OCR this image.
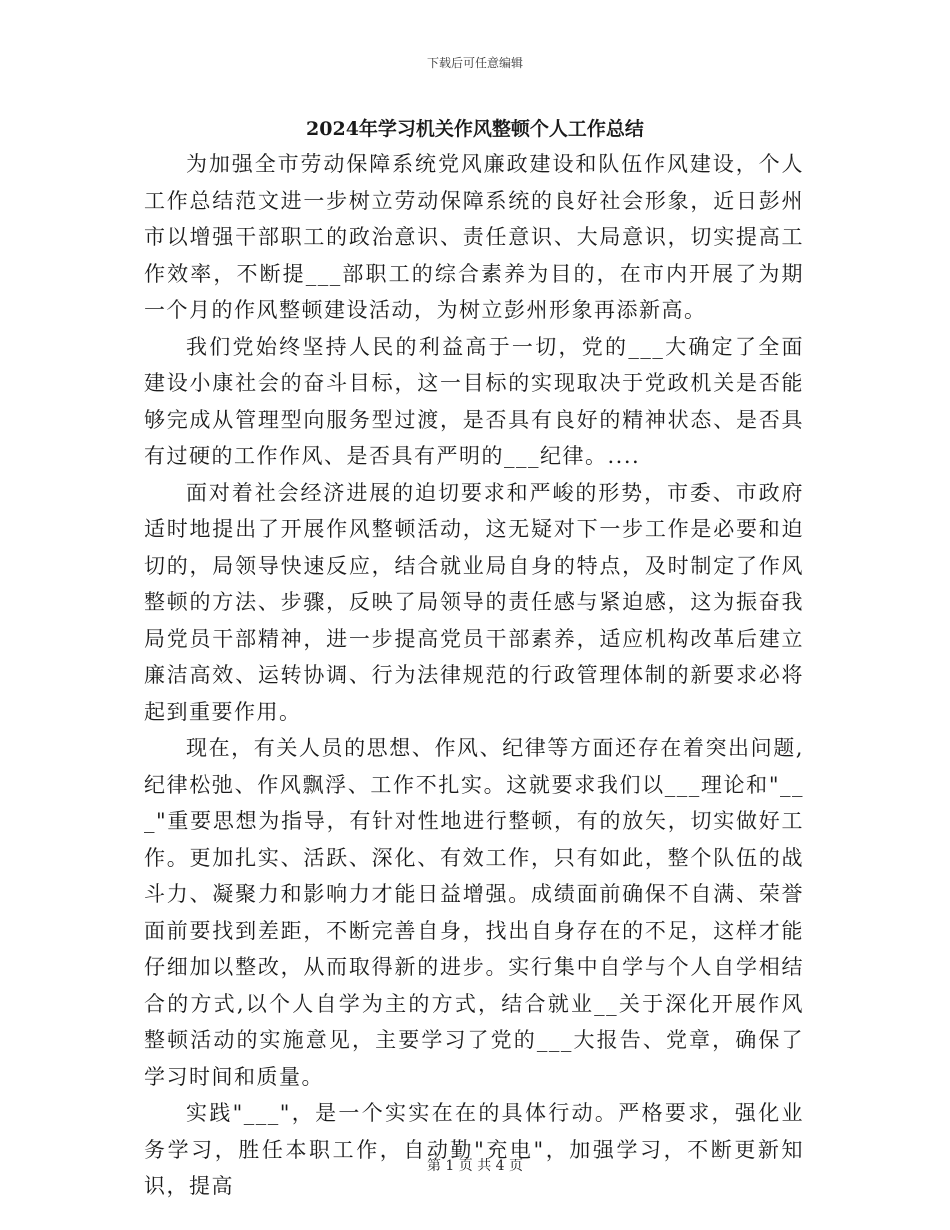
下载后可任意编辑
2024年学习机关作风整顿个人工作总结

为加强全市劳动保障系统党风廉政建设和队伍作风建设，个人工作总结范文进一步树立劳动保障系统的良好社会形象，近日彭州市以增强干部职工的政治意识、责任意识、大局意识，切实提高工作效率，不断提___部职工的综合素养为目的，在市内开展了为期一个月的作风整顿建设活动，为树立彭州形象再添新高。

我们党始终坚持人民的利益高于一切，党的___大确定了全面建设小康社会的奋斗目标，这一目标的实现取决于党政机关是否能够完成从管理型向服务型过渡，是否具有良好的精神状态、是否具有过硬的工作作风、是否具有严明的___纪律。....

面对着社会经济进展的迫切要求和严峻的形势，市委、市政府适时地提出了开展作风整顿活动，这无疑对下一步工作是必要和迫切的，局领导快速反应，结合就业局自身的特点，及时制定了作风整顿的方法、步骤，反映了局领导的责任感与紧迫感，这为振奋我局党员干部精神，进一步提高党员干部素养，适应机构改革后建立廉洁高效、运转协调、行为法律规范的行政管理体制的新要求必将起到重要作用。

现在，有关人员的思想、作风、纪律等方面还存在着突出问题,纪律松弛、作风飘浮、工作不扎实。这就要求我们以___理论和"___"重要思想为指导，有针对性地进行整顿，有的放矢，切实做好工作。更加扎实、活跃、深化、有效工作，只有如此，整个队伍的战斗力、凝聚力和影响力才能日益增强。成绩面前确保不自满、荣誉面前要找到差距，不断完善自身，找出自身存在的不足，这样才能仔细加以整改，从而取得新的进步。实行集中自学与个人自学相结合的方式,以个人自学为主的方式，结合就业__关于深化开展作风整顿活动的实施意见，主要学习了党的___大报告、党章，确保了学习时间和质量。

实践"___"，是一个实实在在的具体行动。严格要求，强化业务学习，胜任本职工作，自动勤"充电"，加强学习，不断更新知识，提高

第 1 页 共 4 页
